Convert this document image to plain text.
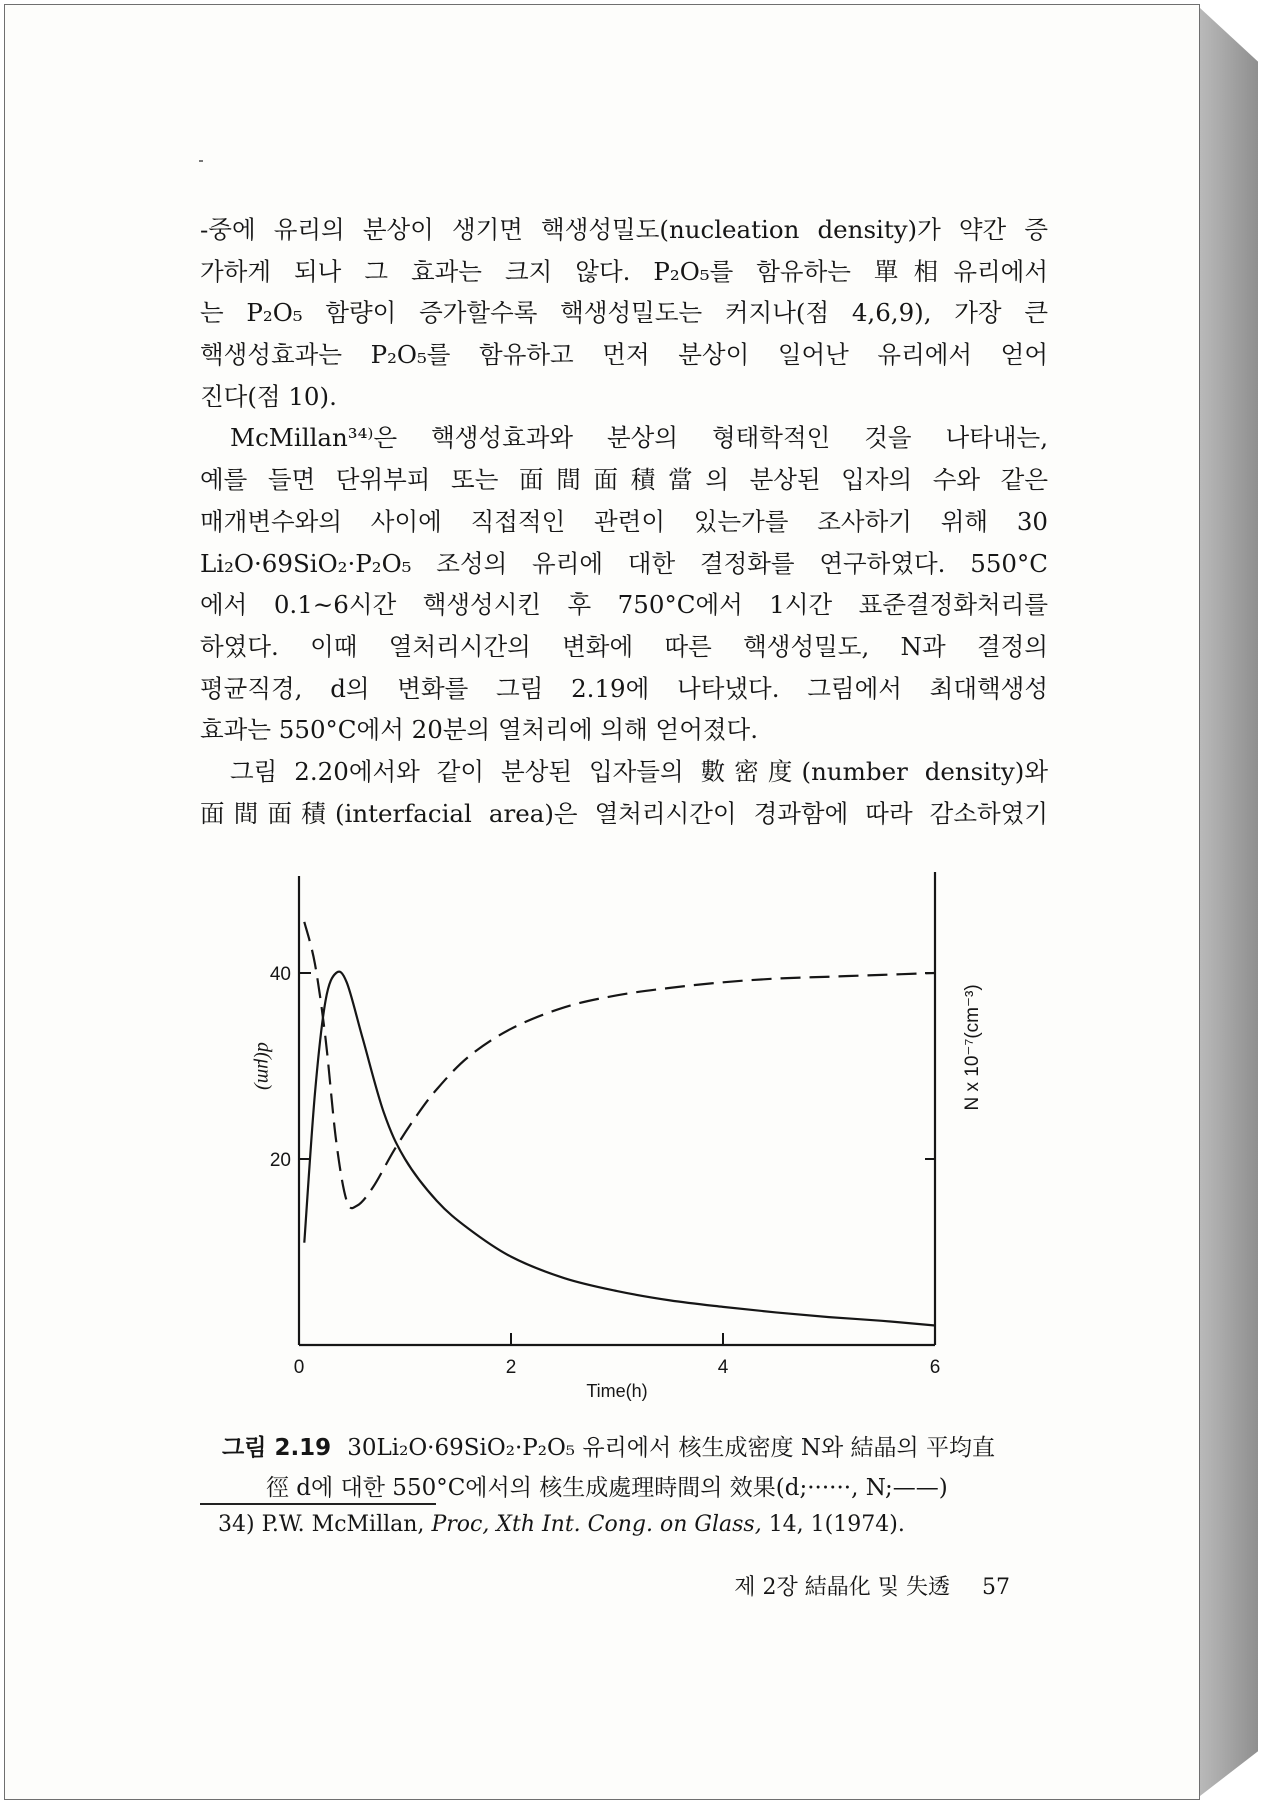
-중에 유리의 분상이 생기면 핵생성밀도(nucleation density)가 약간 증
가하게 되나 그 효과는 크지 않다. P₂O₅를 함유하는 單相유리에서
는 P₂O₅ 함량이 증가할수록 핵생성밀도는 커지나(점 4,6,9), 가장 큰
핵생성효과는 P₂O₅를 함유하고 먼저 분상이 일어난 유리에서 얻어
진다(점 10).
McMillan³⁴⁾은 핵생성효과와 분상의 형태학적인 것을 나타내는,
예를 들면 단위부피 또는 面間面積當의 분상된 입자의 수와 같은
매개변수와의 사이에 직접적인 관련이 있는가를 조사하기 위해 30
Li₂O·69SiO₂·P₂O₅ 조성의 유리에 대한 결정화를 연구하였다. 550°C
에서 0.1~6시간 핵생성시킨 후 750°C에서 1시간 표준결정화처리를
하였다. 이때 열처리시간의 변화에 따른 핵생성밀도, N과 결정의
평균직경, d의 변화를 그림 2.19에 나타냈다. 그림에서 최대핵생성
효과는 550°C에서 20분의 열처리에 의해 얻어졌다.
그림 2.20에서와 같이 분상된 입자들의 數密度(number density)와
面間面積(interfacial area)은 열처리시간이 경과함에 따라 감소하였기
0	2	4	6
20
40
Time(h)
d(μm)	N x 10⁻⁷(cm⁻³)
그림 2.19 30Li₂O·69SiO₂·P₂O₅ 유리에서 核生成密度 N와 結晶의 平均直
徑 d에 대한 550°C에서의 核生成處理時間의 效果(d;······, N;——)
34) P.W. McMillan, Proc, Xth Int. Cong. on Glass, 14, 1(1974).
제 2장 結晶化 및 失透 57
